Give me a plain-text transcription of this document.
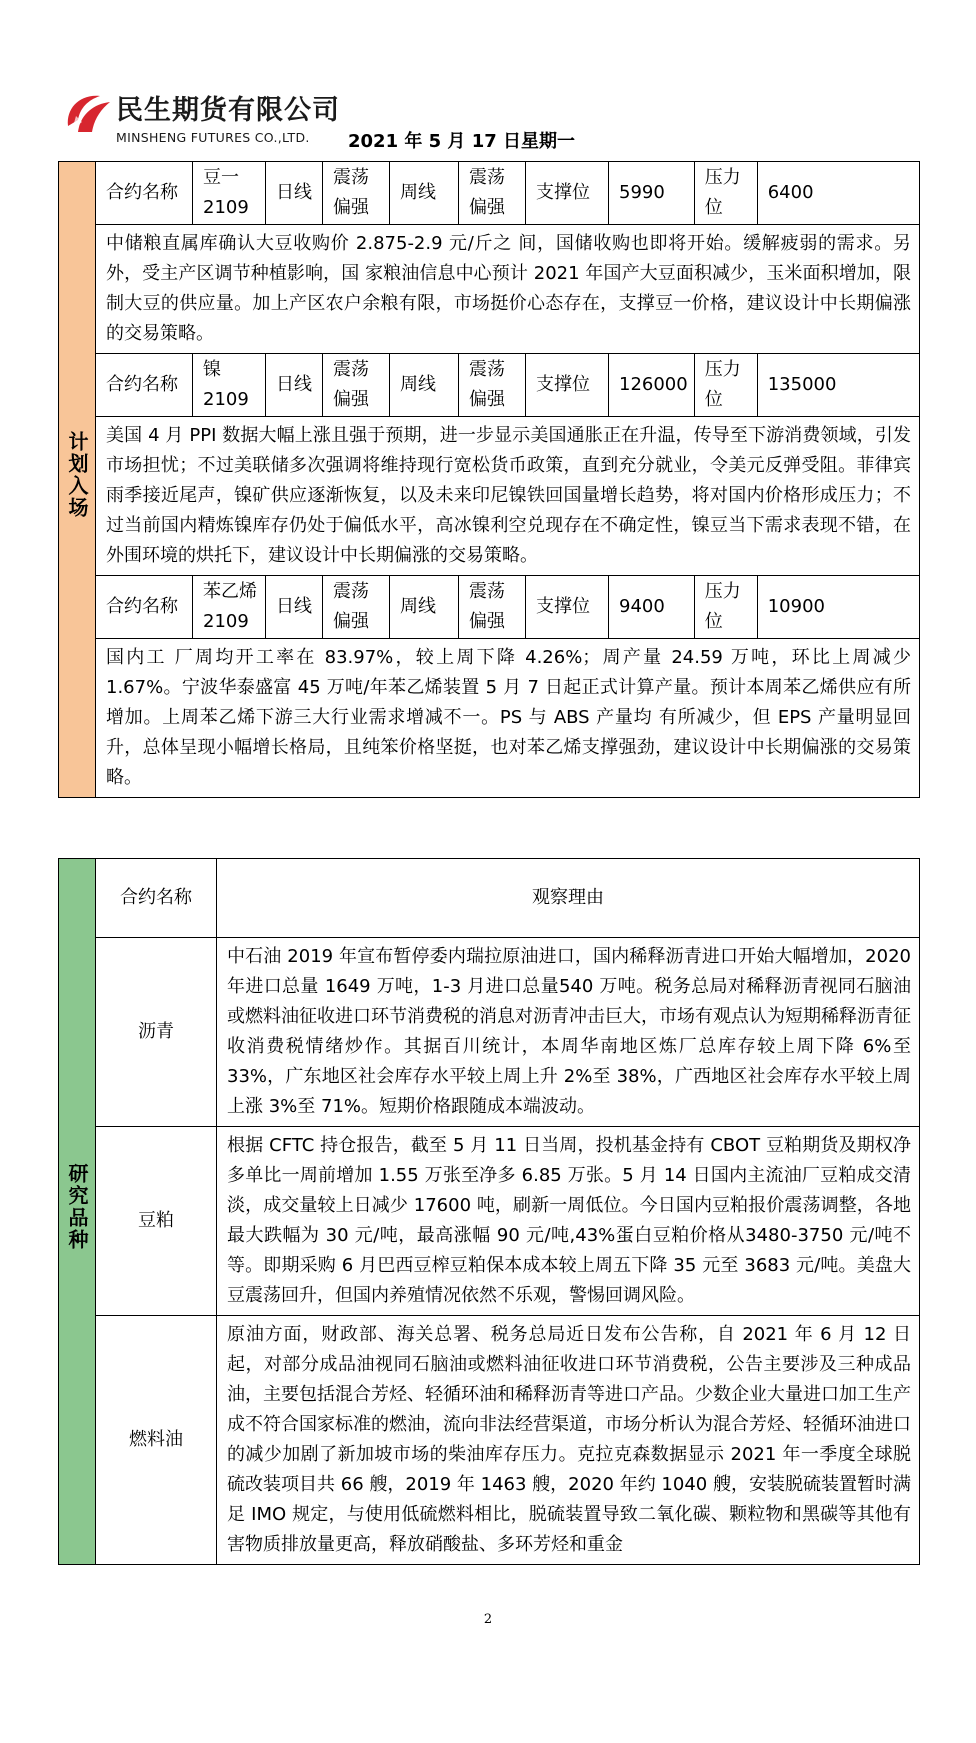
民生期货有限公司
MINSHENG FUTURES CO.,LTD. 2021 年 5 月 17 日星期一
计划入场	合约名称	豆一 2109	日线	震荡偏强	周线	震荡偏强	支撑位	5990	压力位	6400
	中储粮直属库确认大豆收购价 2.875-2.9 元/斤之 间，国储收购也即将开始。缓解疲弱的需求。另外，受主产区调节种植影响，国 家粮油信息中心预计 2021 年国产大豆面积减少，玉米面积增加，限制大豆的供应量。加上产区农户余粮有限，市场挺价心态存在，支撑豆一价格，建议设计中长期偏涨的交易策略。									
	合约名称	镍 2109	日线	震荡偏强	周线	震荡偏强	支撑位	126000	压力位	135000
	美国 4 月 PPI 数据大幅上涨且强于预期，进一步显示美国通胀正在升温，传导至下游消费领域，引发市场担忧；不过美联储多次强调将维持现行宽松货币政策，直到充分就业，令美元反弹受阻。菲律宾雨季接近尾声，镍矿供应逐渐恢复，以及未来印尼镍铁回国量增长趋势，将对国内价格形成压力；不过当前国内精炼镍库存仍处于偏低水平，高冰镍利空兑现存在不确定性，镍豆当下需求表现不错，在外围环境的烘托下，建议设计中长期偏涨的交易策略。									
	合约名称	苯乙烯 2109	日线	震荡偏强	周线	震荡偏强	支撑位	9400	压力位	10900
	国内工 厂周均开工率在 83.97%，较上周下降 4.26%；周产量 24.59 万吨，环比上周减少 1.67%。宁波华泰盛富 45 万吨/年苯乙烯装置 5 月 7 日起正式计算产量。预计本周苯乙烯供应有所增加。上周苯乙烯下游三大行业需求增减不一。PS 与 ABS 产量均 有所减少，但 EPS 产量明显回升，总体呈现小幅增长格局，且纯笨价格坚挺，也对苯乙烯支撑强劲，建议设计中长期偏涨的交易策略。									
研究品种	合约名称	观察理由
	沥青	中石油 2019 年宣布暂停委内瑞拉原油进口，国内稀释沥青进口开始大幅增加，2020 年进口总量 1649 万吨，1-3 月进口总量540 万吨。税务总局对稀释沥青视同石脑油或燃料油征收进口环节消费税的消息对沥青冲击巨大，市场有观点认为短期稀释沥青征收消费税情绪炒作。其据百川统计，本周华南地区炼厂总库存较上周下降 6%至 33%，广东地区社会库存水平较上周上升 2%至 38%，广西地区社会库存水平较上周上涨 3%至 71%。短期价格跟随成本端波动。
	豆粕	根据 CFTC 持仓报告，截至 5 月 11 日当周，投机基金持有 CBOT 豆粕期货及期权净多单比一周前增加 1.55 万张至净多 6.85 万张。5 月 14 日国内主流油厂豆粕成交清淡，成交量较上日减少 17600 吨，刷新一周低位。今日国内豆粕报价震荡调整，各地最大跌幅为 30 元/吨，最高涨幅 90 元/吨,43%蛋白豆粕价格从3480-3750 元/吨不等。即期采购 6 月巴西豆榨豆粕保本成本较上周五下降 35 元至 3683 元/吨。美盘大豆震荡回升，但国内养殖情况依然不乐观，警惕回调风险。
	燃料油	原油方面，财政部、海关总署、税务总局近日发布公告称，自 2021 年 6 月 12 日起，对部分成品油视同石脑油或燃料油征收进口环节消费税，公告主要涉及三种成品油，主要包括混合芳烃、轻循环油和稀释沥青等进口产品。少数企业大量进口加工生产成不符合国家标准的燃油，流向非法经营渠道，市场分析认为混合芳烃、轻循环油进口的减少加剧了新加坡市场的柴油库存压力。克拉克森数据显示 2021 年一季度全球脱硫改装项目共 66 艘，2019 年 1463 艘，2020 年约 1040 艘，安装脱硫装置暂时满足 IMO 规定，与使用低硫燃料相比，脱硫装置导致二氧化碳、颗粒物和黑碳等其他有害物质排放量更高，释放硝酸盐、多环芳烃和重金
2
